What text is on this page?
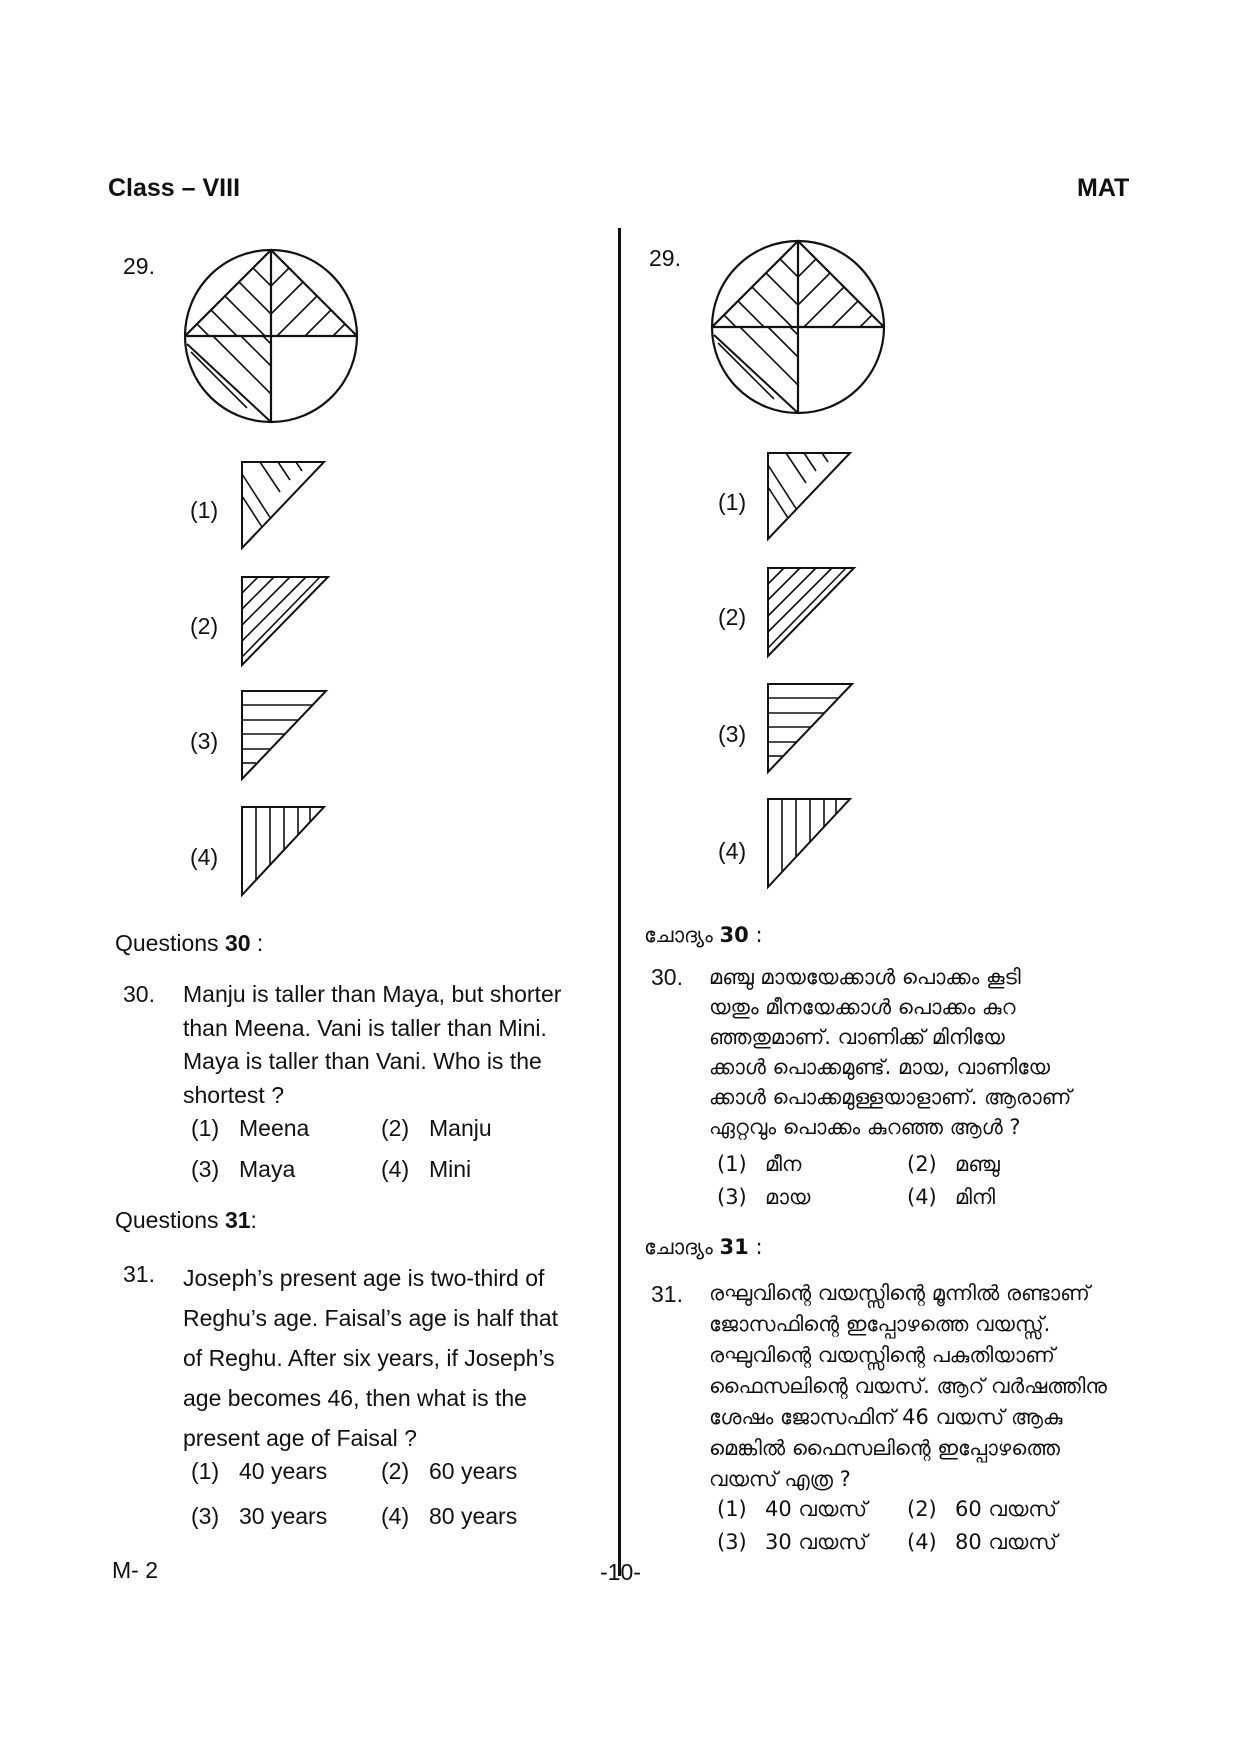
Class – VIII	MAT
29.
(1)
(2)
(3)
(4)
Questions 30 :
30. Manju is taller than Maya, but shorter
than Meena. Vani is taller than Mini.
Maya is taller than Vani. Who is the
shortest ?
(1) Meena	(2) Manju
(3) Maya	(4) Mini
Questions 31:
31. Joseph’s present age is two-third of
Reghu’s age. Faisal’s age is half that
of Reghu. After six years, if Joseph’s
age becomes 46, then what is the
present age of Faisal ?
(1) 40 years	(2) 60 years
(3) 30 years	(4) 80 years
29.
(1)
(2)
(3)
(4)
ചോദ്യം 30 :
30. മഞ്ചു മായയേക്കാൾ പൊക്കം കൂടി
യതും മീനയേക്കാൾ പൊക്കം കുറ
ഞ്ഞതുമാണ്. വാണിക്ക് മിനിയേ
ക്കാൾ പൊക്കമുണ്ട്. മായ, വാണിയേ
ക്കാൾ പൊക്കമുള്ളയാളാണ്. ആരാണ്
ഏറ്റവും പൊക്കം കുറഞ്ഞ ആൾ ?
(1) മീന	(2) മഞ്ചു
(3) മായ	(4) മിനി
ചോദ്യം 31 :
31. രഘുവിന്റെ വയസ്സിന്റെ മൂന്നിൽ രണ്ടാണ്
ജോസഫിന്റെ ഇപ്പോഴത്തെ വയസ്സ്.
രഘുവിന്റെ വയസ്സിന്റെ പകുതിയാണ്
ഫൈസലിന്റെ വയസ്. ആറ് വർഷത്തിനു
ശേഷം ജോസഫിന് 46 വയസ് ആകു
മെങ്കിൽ ഫൈസലിന്റെ ഇപ്പോഴത്തെ
വയസ് എത്ര ?
(1) 40 വയസ്	(2) 60 വയസ്
(3) 30 വയസ്	(4) 80 വയസ്
M- 2	-10-
